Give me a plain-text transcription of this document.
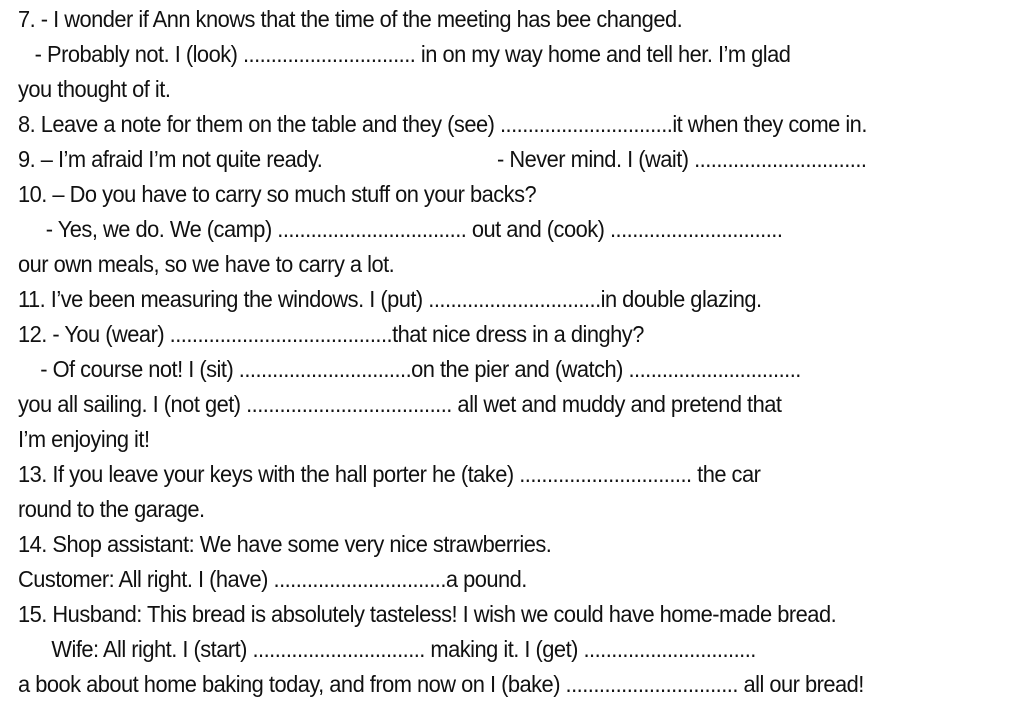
7. - I wonder if Ann knows that the time of the meeting has bee changed.
- Probably not. I (look) ............................... in on my way home and tell her. I’m glad
you thought of it.
8. Leave a note for them on the table and they (see) ...............................it when they come in.
9. – I’m afraid I’m not quite ready.	- Never mind. I (wait) ...............................
10. – Do you have to carry so much stuff on your backs?
- Yes, we do. We (camp) .................................. out and (cook) ...............................
our own meals, so we have to carry a lot.
11. I’ve been measuring the windows. I (put) ...............................in double glazing.
12. - You (wear) ........................................that nice dress in a dinghy?
- Of course not! I (sit) ...............................on the pier and (watch) ...............................
you all sailing. I (not get) ..................................... all wet and muddy and pretend that
I’m enjoying it!
13. If you leave your keys with the hall porter he (take) ............................... the car
round to the garage.
14. Shop assistant: We have some very nice strawberries.
Customer: All right. I (have) ...............................a pound.
15. Husband: This bread is absolutely tasteless! I wish we could have home-made bread.
Wife: All right. I (start) ............................... making it. I (get) ...............................
a book about home baking today, and from now on I (bake) ............................... all our bread!
